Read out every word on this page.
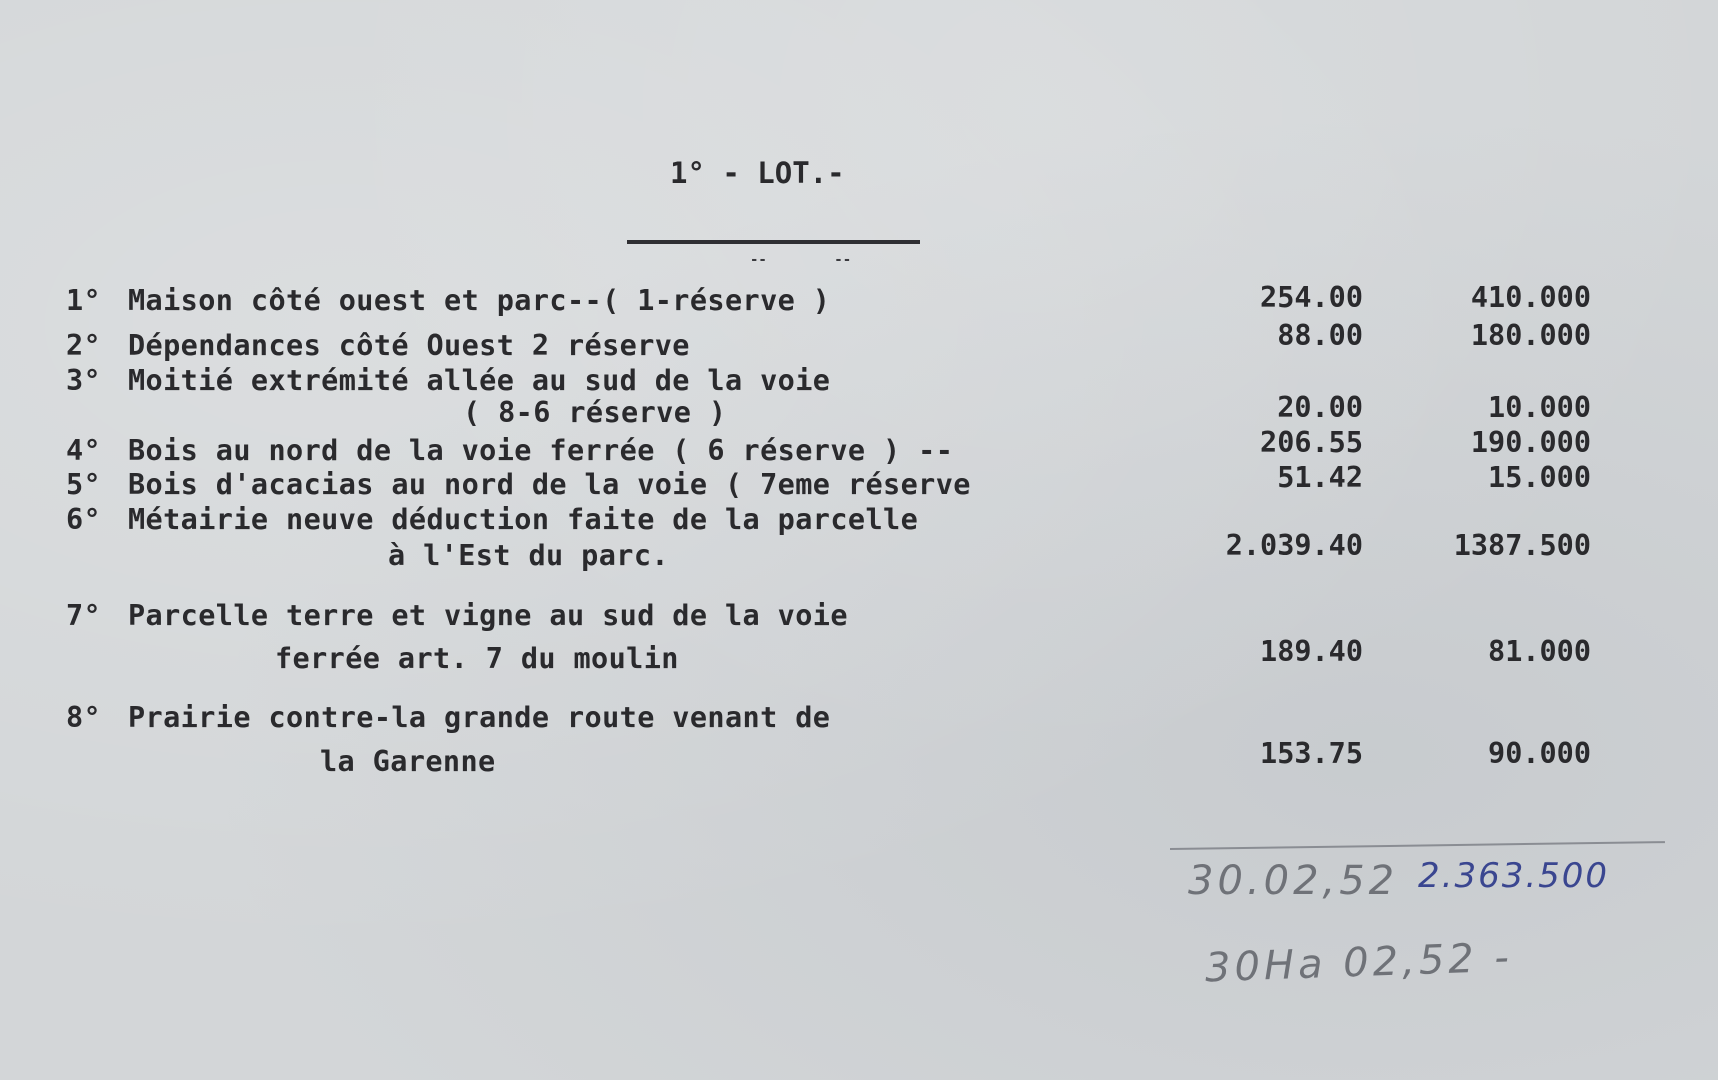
1° - LOT.-
--        --
1° Maison côté ouest et parc--( 1-réserve )	254.00	410.000
2° Dépendances côté Ouest 2 réserve	88.00	180.000
3° Moitié extrémité allée au sud de la voie
( 8-6 réserve )	20.00	10.000
4° Bois au nord de la voie ferrée ( 6 réserve ) --	206.55	190.000
5° Bois d'acacias au nord de la voie ( 7eme réserve	51.42	15.000
6° Métairie neuve déduction faite de la parcelle
à l'Est du parc.	2.039.40	1387.500
7° Parcelle terre et vigne au sud de la voie
ferrée art. 7 du moulin	189.40	81.000
8° Prairie contre-la grande route venant de
la Garenne	153.75	90.000
30.02,52 2.363.500
30Ha 02,52 -
